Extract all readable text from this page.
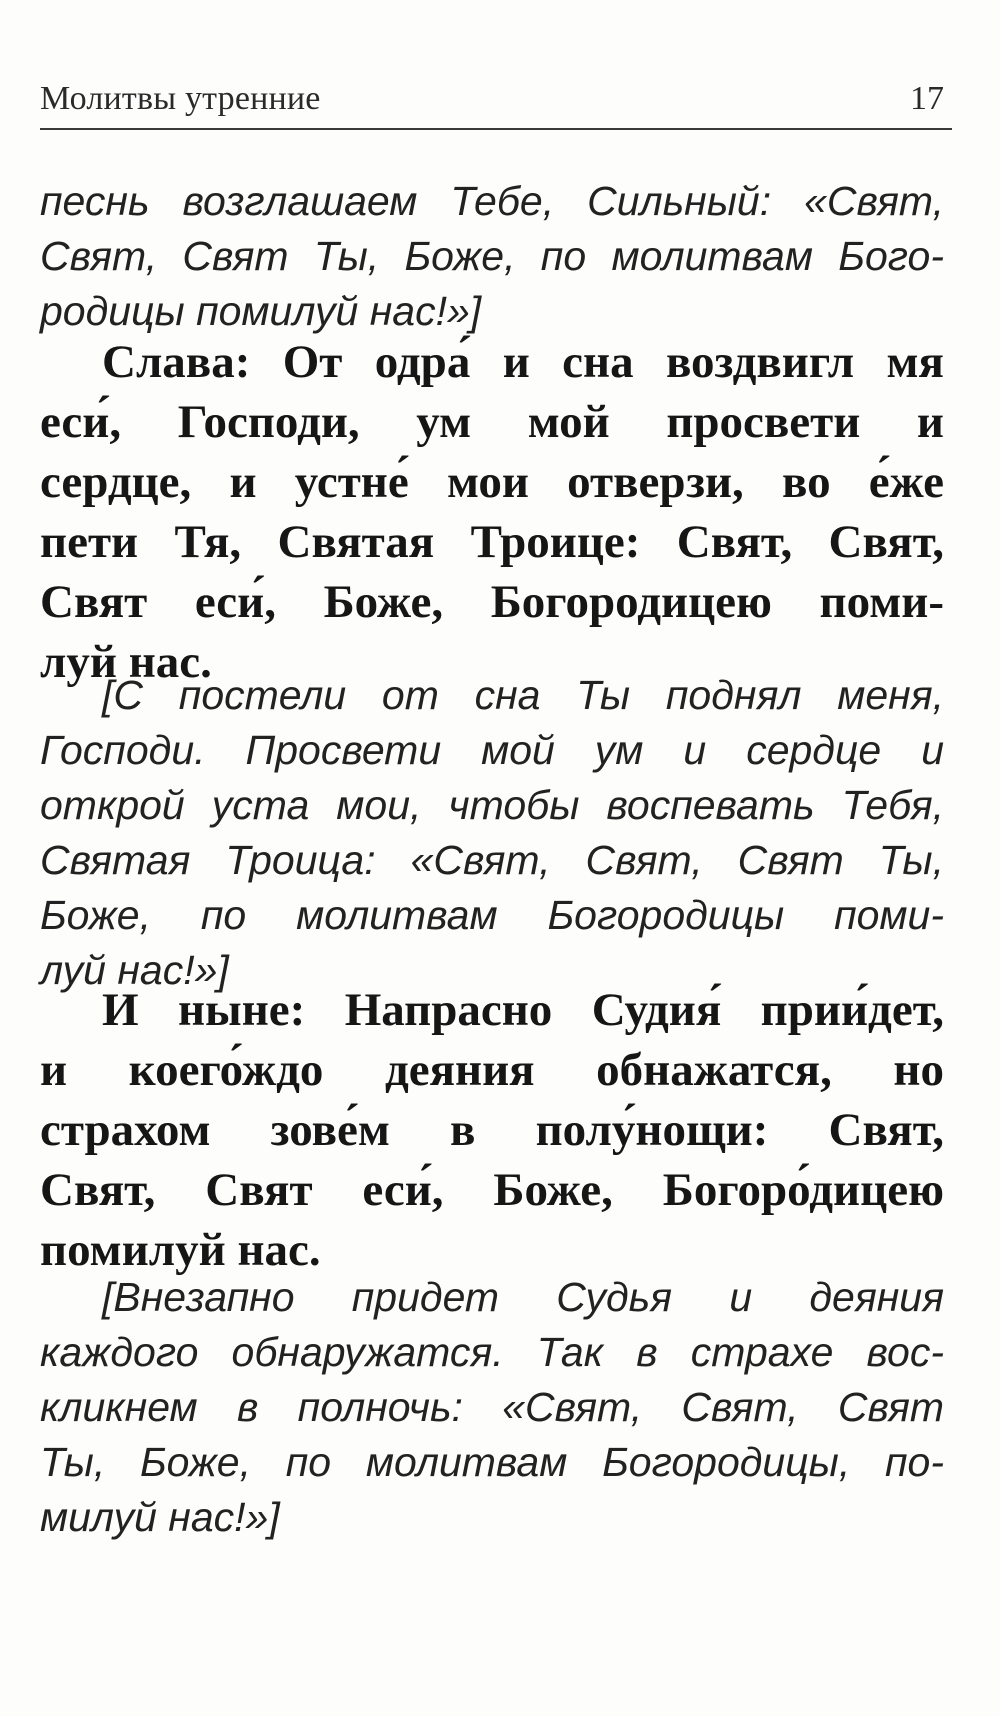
Молитвы утренние	17
песнь возглашаем Тебе, Сильный: «Свят,
Свят, Свят Ты, Боже, по молитвам Бого-
родицы помилуй нас!»]
Слава: От одра́ и сна воздвигл мя
еси́, Господи, ум мой просвети и
сердце, и устне́ мои отверзи, во е́же
пети Тя, Святая Троице: Свят, Свят,
Свят еси́, Боже, Богородицею поми-
луй нас.
[С постели от сна Ты поднял меня,
Господи. Просвети мой ум и сердце и
открой уста мои, чтобы воспевать Тебя,
Святая Троица: «Свят, Свят, Свят Ты,
Боже, по молитвам Богородицы поми-
луй нас!»]
И ныне: Напрасно Судия́ прии́дет,
и коего́ждо деяния обнажатся, но
страхом зове́м в полу́нощи: Свят,
Свят, Свят еси́, Боже, Богоро́дицею
помилуй нас.
[Внезапно придет Судья и деяния
каждого обнаружатся. Так в страхе вос-
кликнем в полночь: «Свят, Свят, Свят
Ты, Боже, по молитвам Богородицы, по-
милуй нас!»]
